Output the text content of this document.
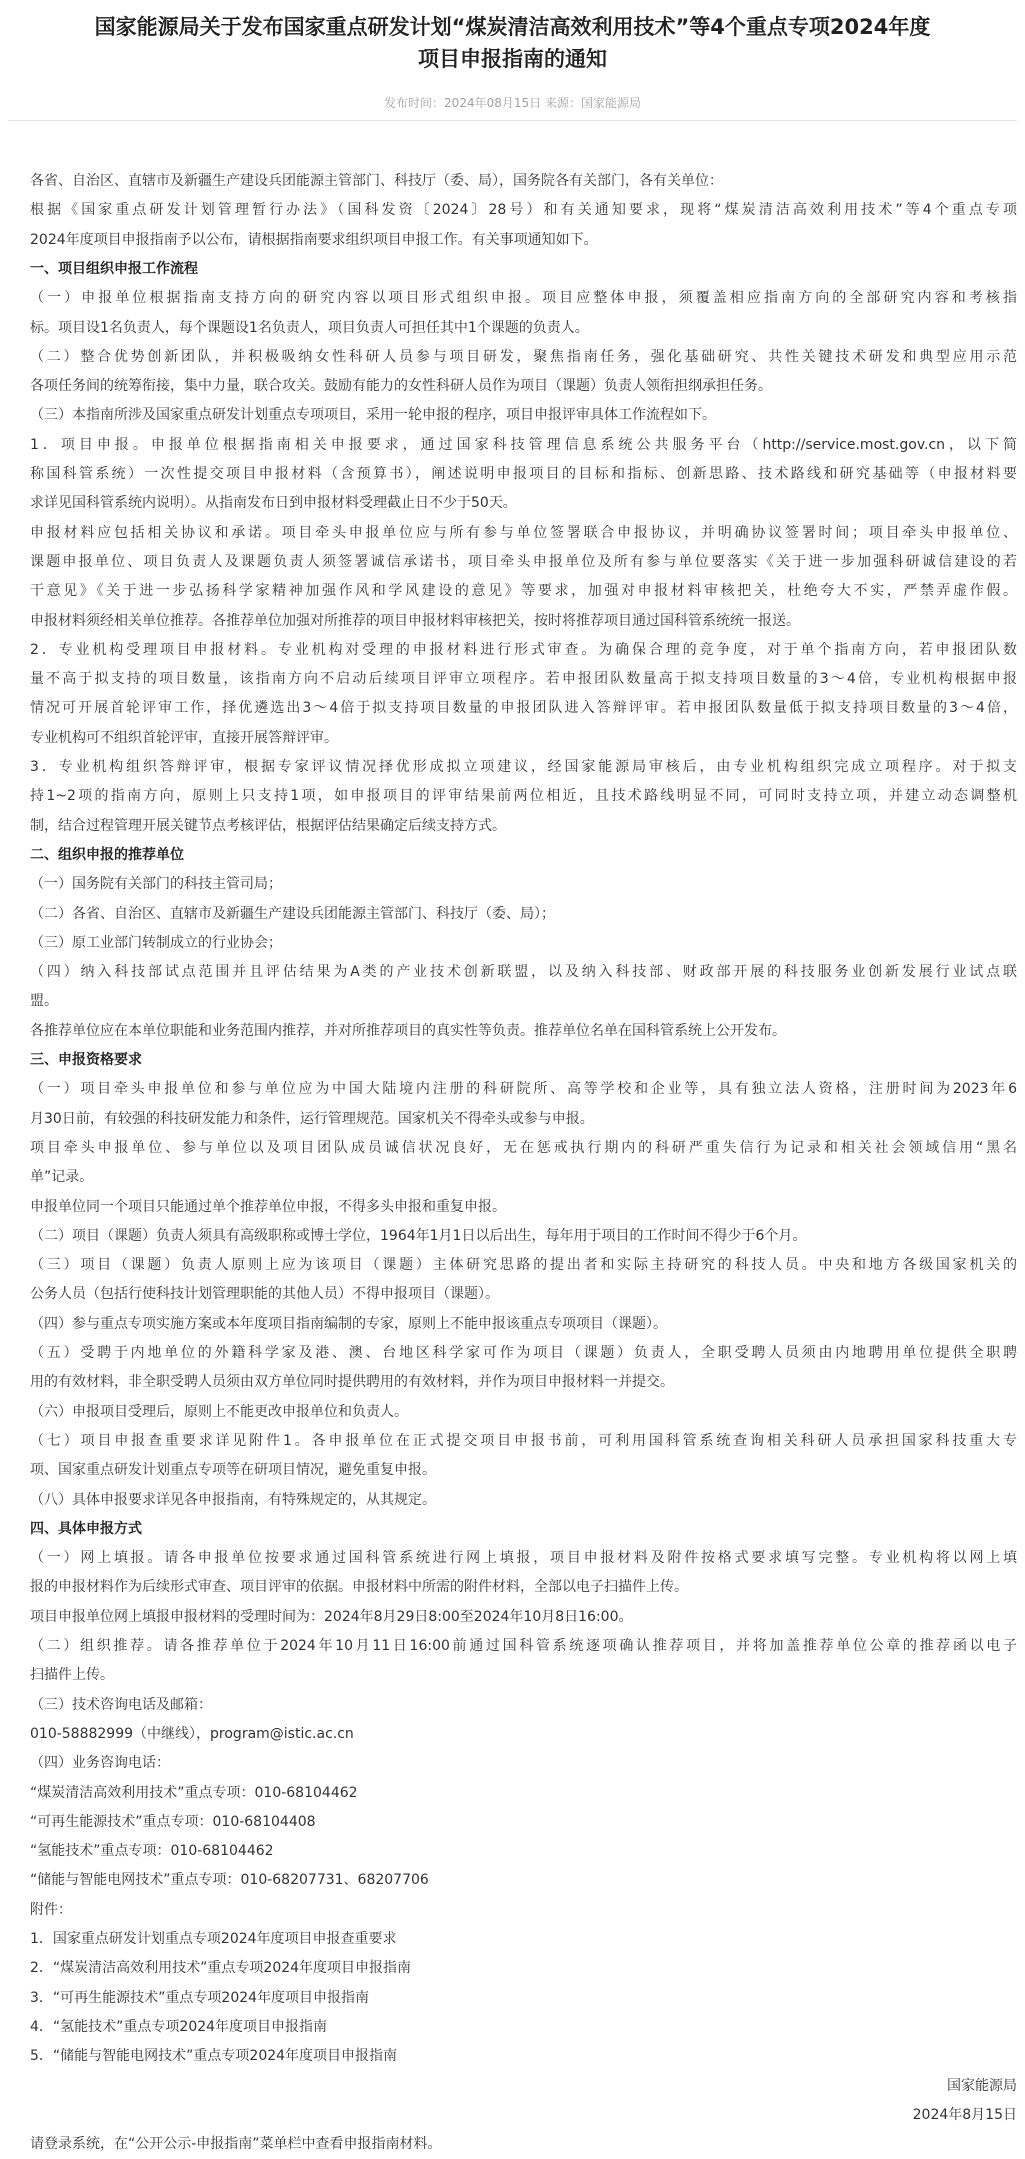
国家能源局关于发布国家重点研发计划“煤炭清洁高效利用技术”等4个重点专项2024年度
项目申报指南的通知
发布时间：2024年08月15日 来源：国家能源局
各省、自治区、直辖市及新疆生产建设兵团能源主管部门、科技厅（委、局），国务院各有关部门，各有关单位：
根据《国家重点研发计划管理暂行办法》（国科发资〔2024〕28号）和有关通知要求，现将“煤炭清洁高效利用技术”等4个重点专项
2024年度项目申报指南予以公布，请根据指南要求组织项目申报工作。有关事项通知如下。
一、项目组织申报工作流程
（一）申报单位根据指南支持方向的研究内容以项目形式组织申报。项目应整体申报，须覆盖相应指南方向的全部研究内容和考核指
标。项目设1名负责人，每个课题设1名负责人，项目负责人可担任其中1个课题的负责人。
（二）整合优势创新团队，并积极吸纳女性科研人员参与项目研发，聚焦指南任务，强化基础研究、共性关键技术研发和典型应用示范
各项任务间的统筹衔接，集中力量，联合攻关。鼓励有能力的女性科研人员作为项目（课题）负责人领衔担纲承担任务。
（三）本指南所涉及国家重点研发计划重点专项项目，采用一轮申报的程序，项目申报评审具体工作流程如下。
1．项目申报。申报单位根据指南相关申报要求，通过国家科技管理信息系统公共服务平台（http://service.most.gov.cn，以下简
称国科管系统）一次性提交项目申报材料（含预算书），阐述说明申报项目的目标和指标、创新思路、技术路线和研究基础等（申报材料要
求详见国科管系统内说明）。从指南发布日到申报材料受理截止日不少于50天。
申报材料应包括相关协议和承诺。项目牵头申报单位应与所有参与单位签署联合申报协议，并明确协议签署时间；项目牵头申报单位、
课题申报单位、项目负责人及课题负责人须签署诚信承诺书，项目牵头申报单位及所有参与单位要落实《关于进一步加强科研诚信建设的若
干意见》《关于进一步弘扬科学家精神加强作风和学风建设的意见》等要求，加强对申报材料审核把关，杜绝夸大不实，严禁弄虚作假。
申报材料须经相关单位推荐。各推荐单位加强对所推荐的项目申报材料审核把关，按时将推荐项目通过国科管系统统一报送。
2．专业机构受理项目申报材料。专业机构对受理的申报材料进行形式审查。为确保合理的竞争度，对于单个指南方向，若申报团队数
量不高于拟支持的项目数量，该指南方向不启动后续项目评审立项程序。若申报团队数量高于拟支持项目数量的3～4倍，专业机构根据申报
情况可开展首轮评审工作，择优遴选出3～4倍于拟支持项目数量的申报团队进入答辩评审。若申报团队数量低于拟支持项目数量的3～4倍，
专业机构可不组织首轮评审，直接开展答辩评审。
3．专业机构组织答辩评审，根据专家评议情况择优形成拟立项建议，经国家能源局审核后，由专业机构组织完成立项程序。对于拟支
持1~2项的指南方向，原则上只支持1项，如申报项目的评审结果前两位相近，且技术路线明显不同，可同时支持立项，并建立动态调整机
制，结合过程管理开展关键节点考核评估，根据评估结果确定后续支持方式。
二、组织申报的推荐单位
（一）国务院有关部门的科技主管司局；
（二）各省、自治区、直辖市及新疆生产建设兵团能源主管部门、科技厅（委、局）；
（三）原工业部门转制成立的行业协会；
（四）纳入科技部试点范围并且评估结果为A类的产业技术创新联盟，以及纳入科技部、财政部开展的科技服务业创新发展行业试点联
盟。
各推荐单位应在本单位职能和业务范围内推荐，并对所推荐项目的真实性等负责。推荐单位名单在国科管系统上公开发布。
三、申报资格要求
（一）项目牵头申报单位和参与单位应为中国大陆境内注册的科研院所、高等学校和企业等，具有独立法人资格，注册时间为2023年6
月30日前，有较强的科技研发能力和条件，运行管理规范。国家机关不得牵头或参与申报。
项目牵头申报单位、参与单位以及项目团队成员诚信状况良好，无在惩戒执行期内的科研严重失信行为记录和相关社会领域信用“黑名
单”记录。
申报单位同一个项目只能通过单个推荐单位申报，不得多头申报和重复申报。
（二）项目（课题）负责人须具有高级职称或博士学位，1964年1月1日以后出生，每年用于项目的工作时间不得少于6个月。
（三）项目（课题）负责人原则上应为该项目（课题）主体研究思路的提出者和实际主持研究的科技人员。中央和地方各级国家机关的
公务人员（包括行使科技计划管理职能的其他人员）不得申报项目（课题）。
（四）参与重点专项实施方案或本年度项目指南编制的专家，原则上不能申报该重点专项项目（课题）。
（五）受聘于内地单位的外籍科学家及港、澳、台地区科学家可作为项目（课题）负责人，全职受聘人员须由内地聘用单位提供全职聘
用的有效材料，非全职受聘人员须由双方单位同时提供聘用的有效材料，并作为项目申报材料一并提交。
（六）申报项目受理后，原则上不能更改申报单位和负责人。
（七）项目申报查重要求详见附件1。各申报单位在正式提交项目申报书前，可利用国科管系统查询相关科研人员承担国家科技重大专
项、国家重点研发计划重点专项等在研项目情况，避免重复申报。
（八）具体申报要求详见各申报指南，有特殊规定的，从其规定。
四、具体申报方式
（一）网上填报。请各申报单位按要求通过国科管系统进行网上填报，项目申报材料及附件按格式要求填写完整。专业机构将以网上填
报的申报材料作为后续形式审查、项目评审的依据。申报材料中所需的附件材料，全部以电子扫描件上传。
项目申报单位网上填报申报材料的受理时间为：2024年8月29日8:00至2024年10月8日16:00。
（二）组织推荐。请各推荐单位于2024年10月11日16:00前通过国科管系统逐项确认推荐项目，并将加盖推荐单位公章的推荐函以电子
扫描件上传。
（三）技术咨询电话及邮箱：
010-58882999（中继线），program@istic.ac.cn
（四）业务咨询电话：
“煤炭清洁高效利用技术”重点专项：010-68104462
“可再生能源技术”重点专项：010-68104408
“氢能技术”重点专项：010-68104462
“储能与智能电网技术”重点专项：010-68207731、68207706
附件：
1．国家重点研发计划重点专项2024年度项目申报查重要求
2．“煤炭清洁高效利用技术”重点专项2024年度项目申报指南
3．“可再生能源技术”重点专项2024年度项目申报指南
4．“氢能技术”重点专项2024年度项目申报指南
5．“储能与智能电网技术”重点专项2024年度项目申报指南
国家能源局
2024年8月15日
请登录系统，在“公开公示-申报指南”菜单栏中查看申报指南材料。
